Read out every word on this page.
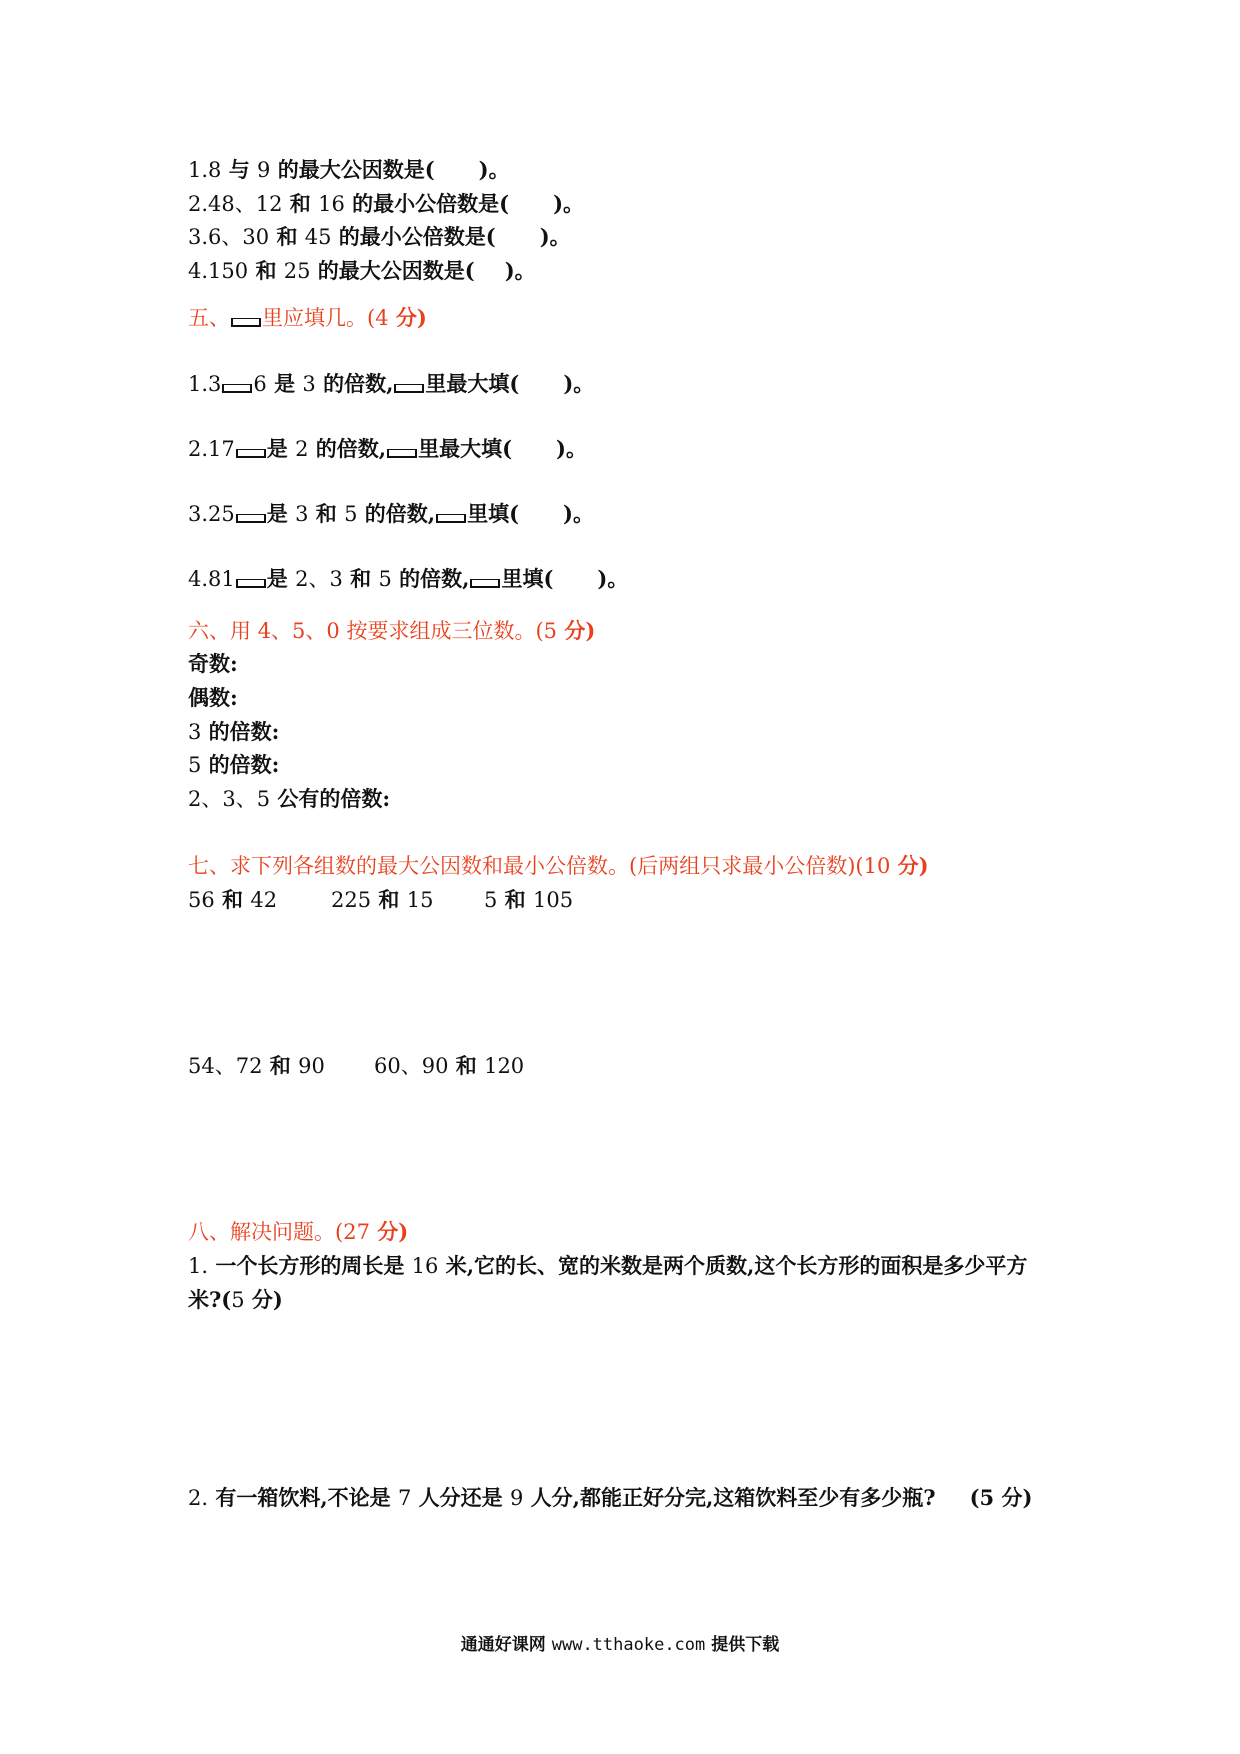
1.8 与 9 的最大公因数是( )。
2.48、12 和 16 的最小公倍数是( )。
3.6、30 和 45 的最小公倍数是( )。
4.150 和 25 的最大公因数是( )。
五、 里应填几。(4 分)
1.3 6 是 3 的倍数, 里最大填( )。
2.17 是 2 的倍数, 里最大填( )。
3.25 是 3 和 5 的倍数, 里填( )。
4.81 是 2、3 和 5 的倍数, 里填( )。
六、用 4、5、0 按要求组成三位数。(5 分)
奇数:
偶数:
3 的倍数:
5 的倍数:
2、3、5 公有的倍数:
七、求下列各组数的最大公因数和最小公倍数。(后两组只求最小公倍数)(10 分)
56 和 42	225 和 15 5 和 105
54、72 和 90 60、90 和 120
八、解决问题。(27 分)
1. 一个长方形的周长是 16 米,它的长、宽的米数是两个质数,这个长方形的面积是多少平方
米?(5 分)
2. 有一箱饮料,不论是 7 人分还是 9 人分,都能正好分完,这箱饮料至少有多少瓶? (5 分)
通通好课网 www.tthaoke.com 提供下载
